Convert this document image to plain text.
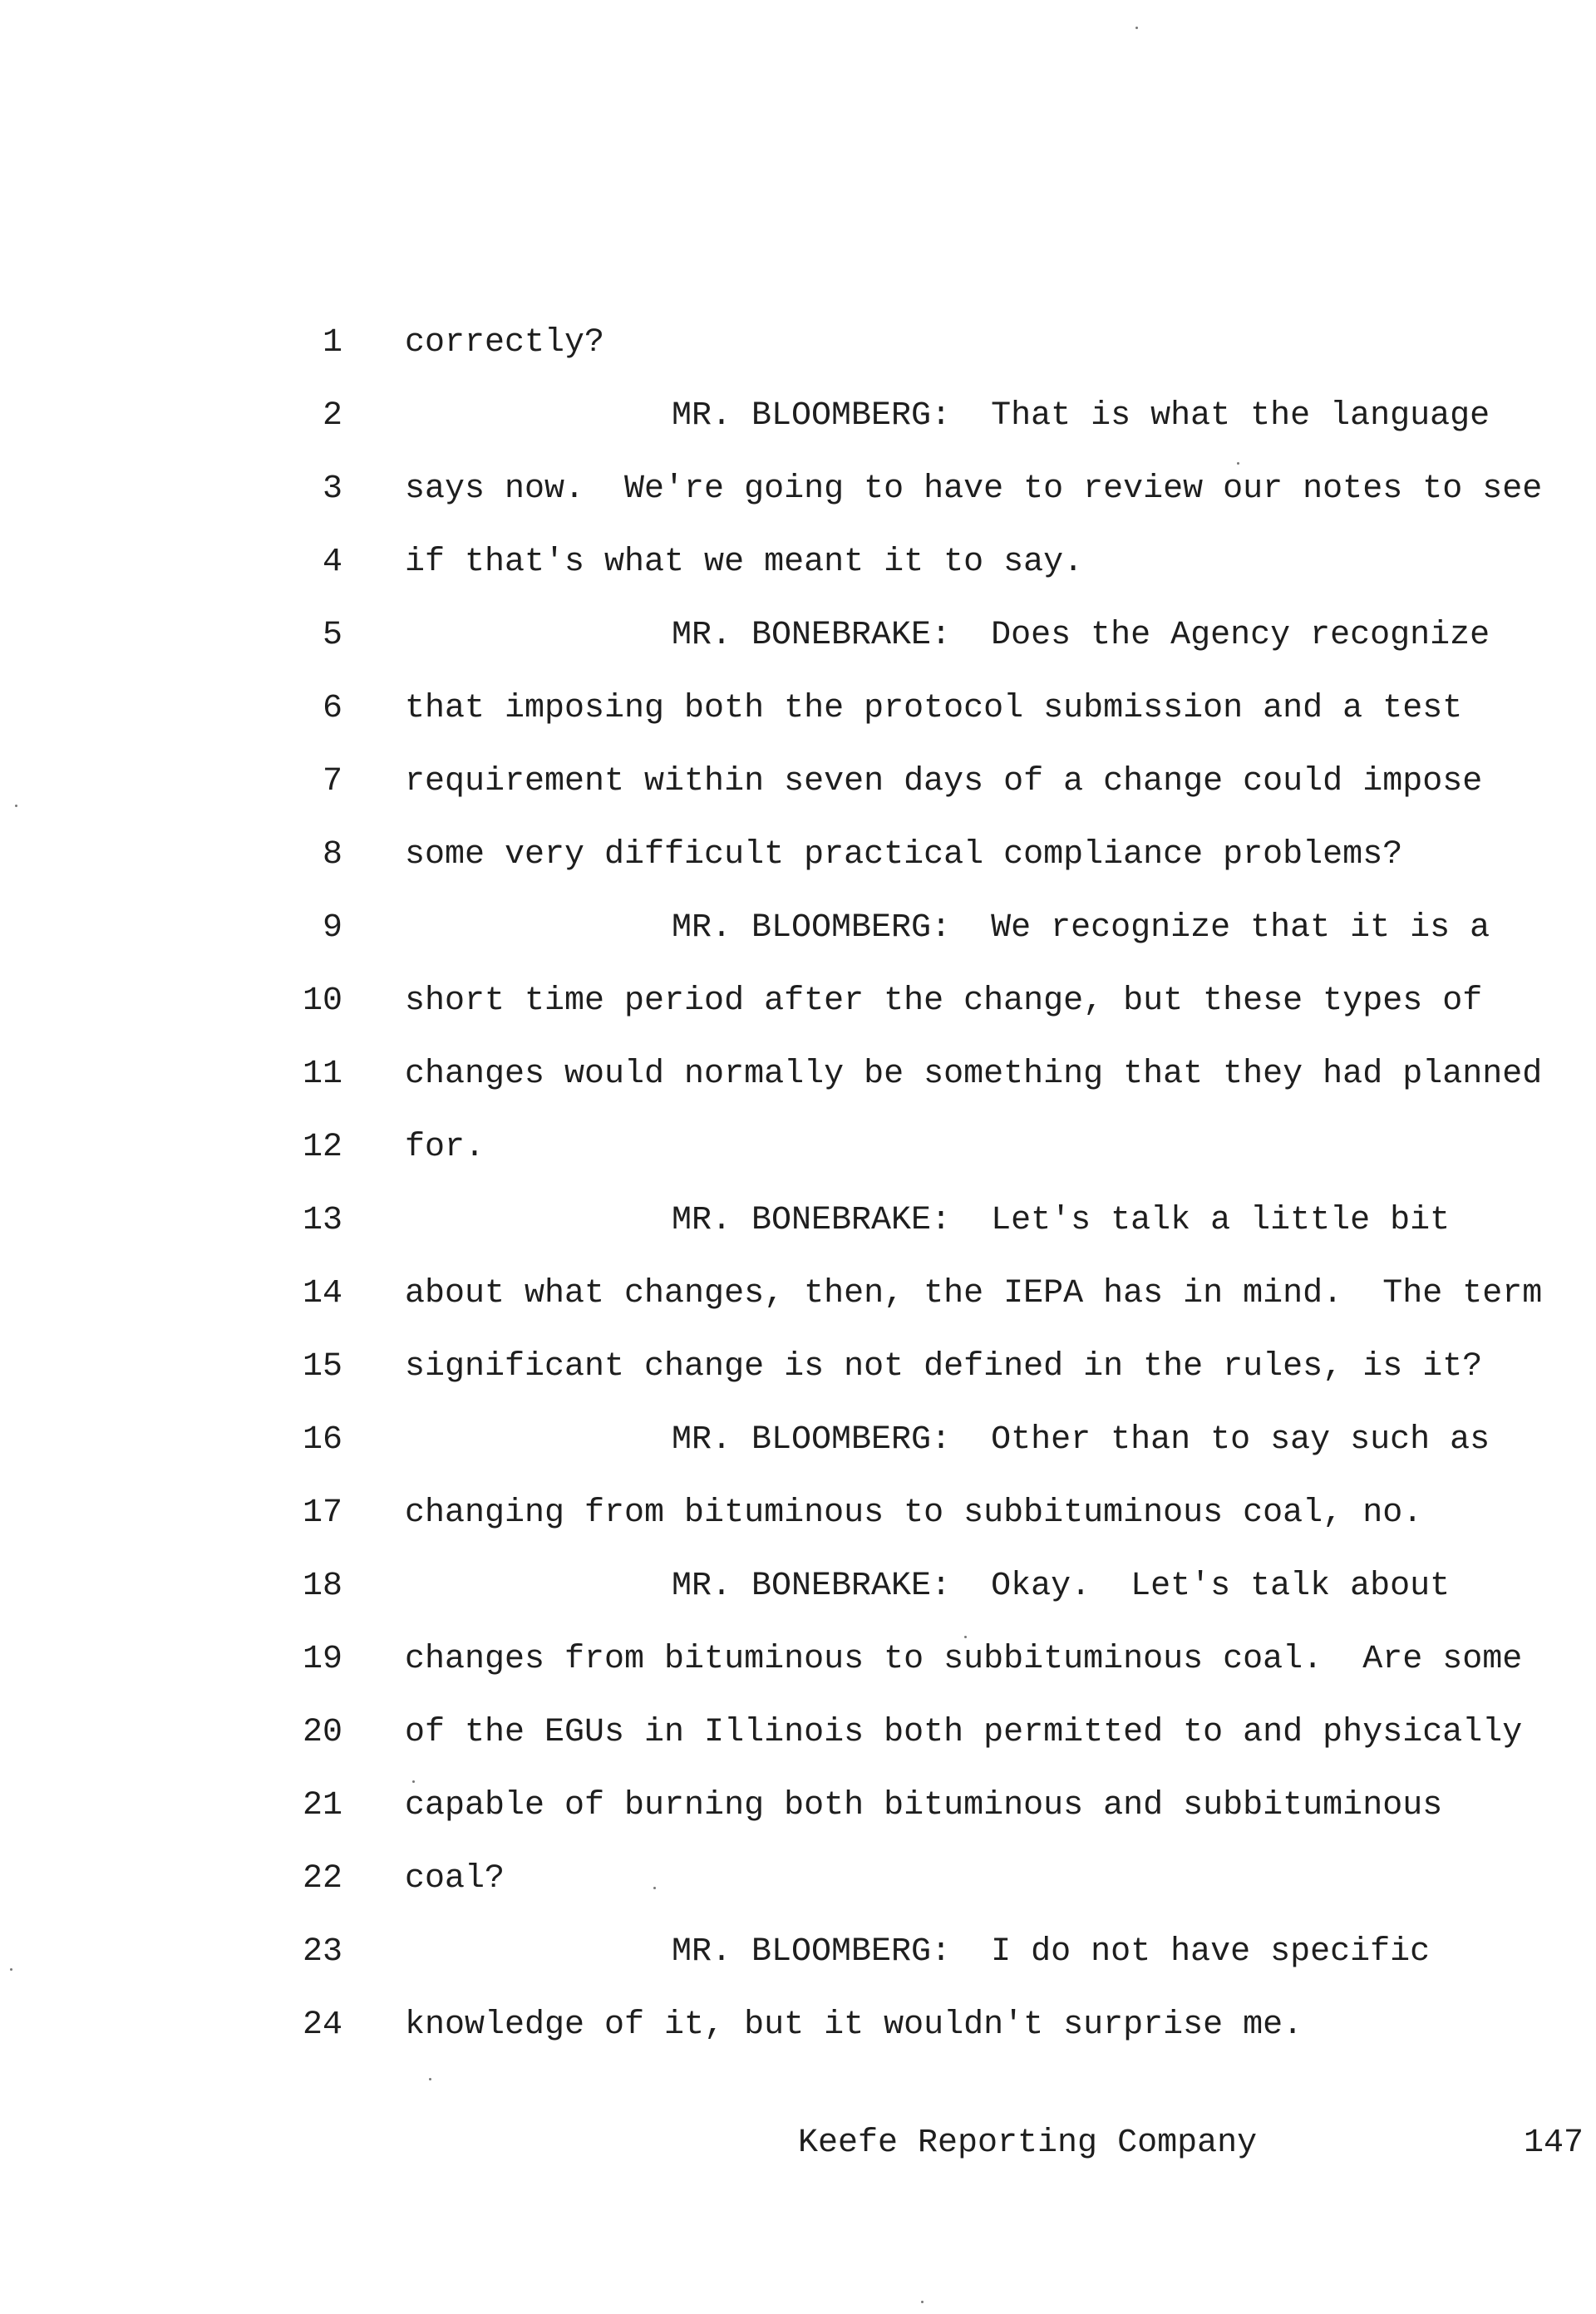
1 correctly?
2	MR. BLOOMBERG:  That is what the language
3 says now.  We're going to have to review our notes to see
4 if that's what we meant it to say.
5	MR. BONEBRAKE:  Does the Agency recognize
6 that imposing both the protocol submission and a test
7 requirement within seven days of a change could impose
8 some very difficult practical compliance problems?
9	MR. BLOOMBERG:  We recognize that it is a
10 short time period after the change, but these types of
11 changes would normally be something that they had planned
12 for.
13	MR. BONEBRAKE:  Let's talk a little bit
14 about what changes, then, the IEPA has in mind.  The term
15 significant change is not defined in the rules, is it?
16	MR. BLOOMBERG:  Other than to say such as
17 changing from bituminous to subbituminous coal, no.
18	MR. BONEBRAKE:  Okay.  Let's talk about
19 changes from bituminous to subbituminous coal.  Are some
20 of the EGUs in Illinois both permitted to and physically
21 capable of burning both bituminous and subbituminous
22 coal?
23	MR. BLOOMBERG:  I do not have specific
24 knowledge of it, but it wouldn't surprise me.
Keefe Reporting Company	147
